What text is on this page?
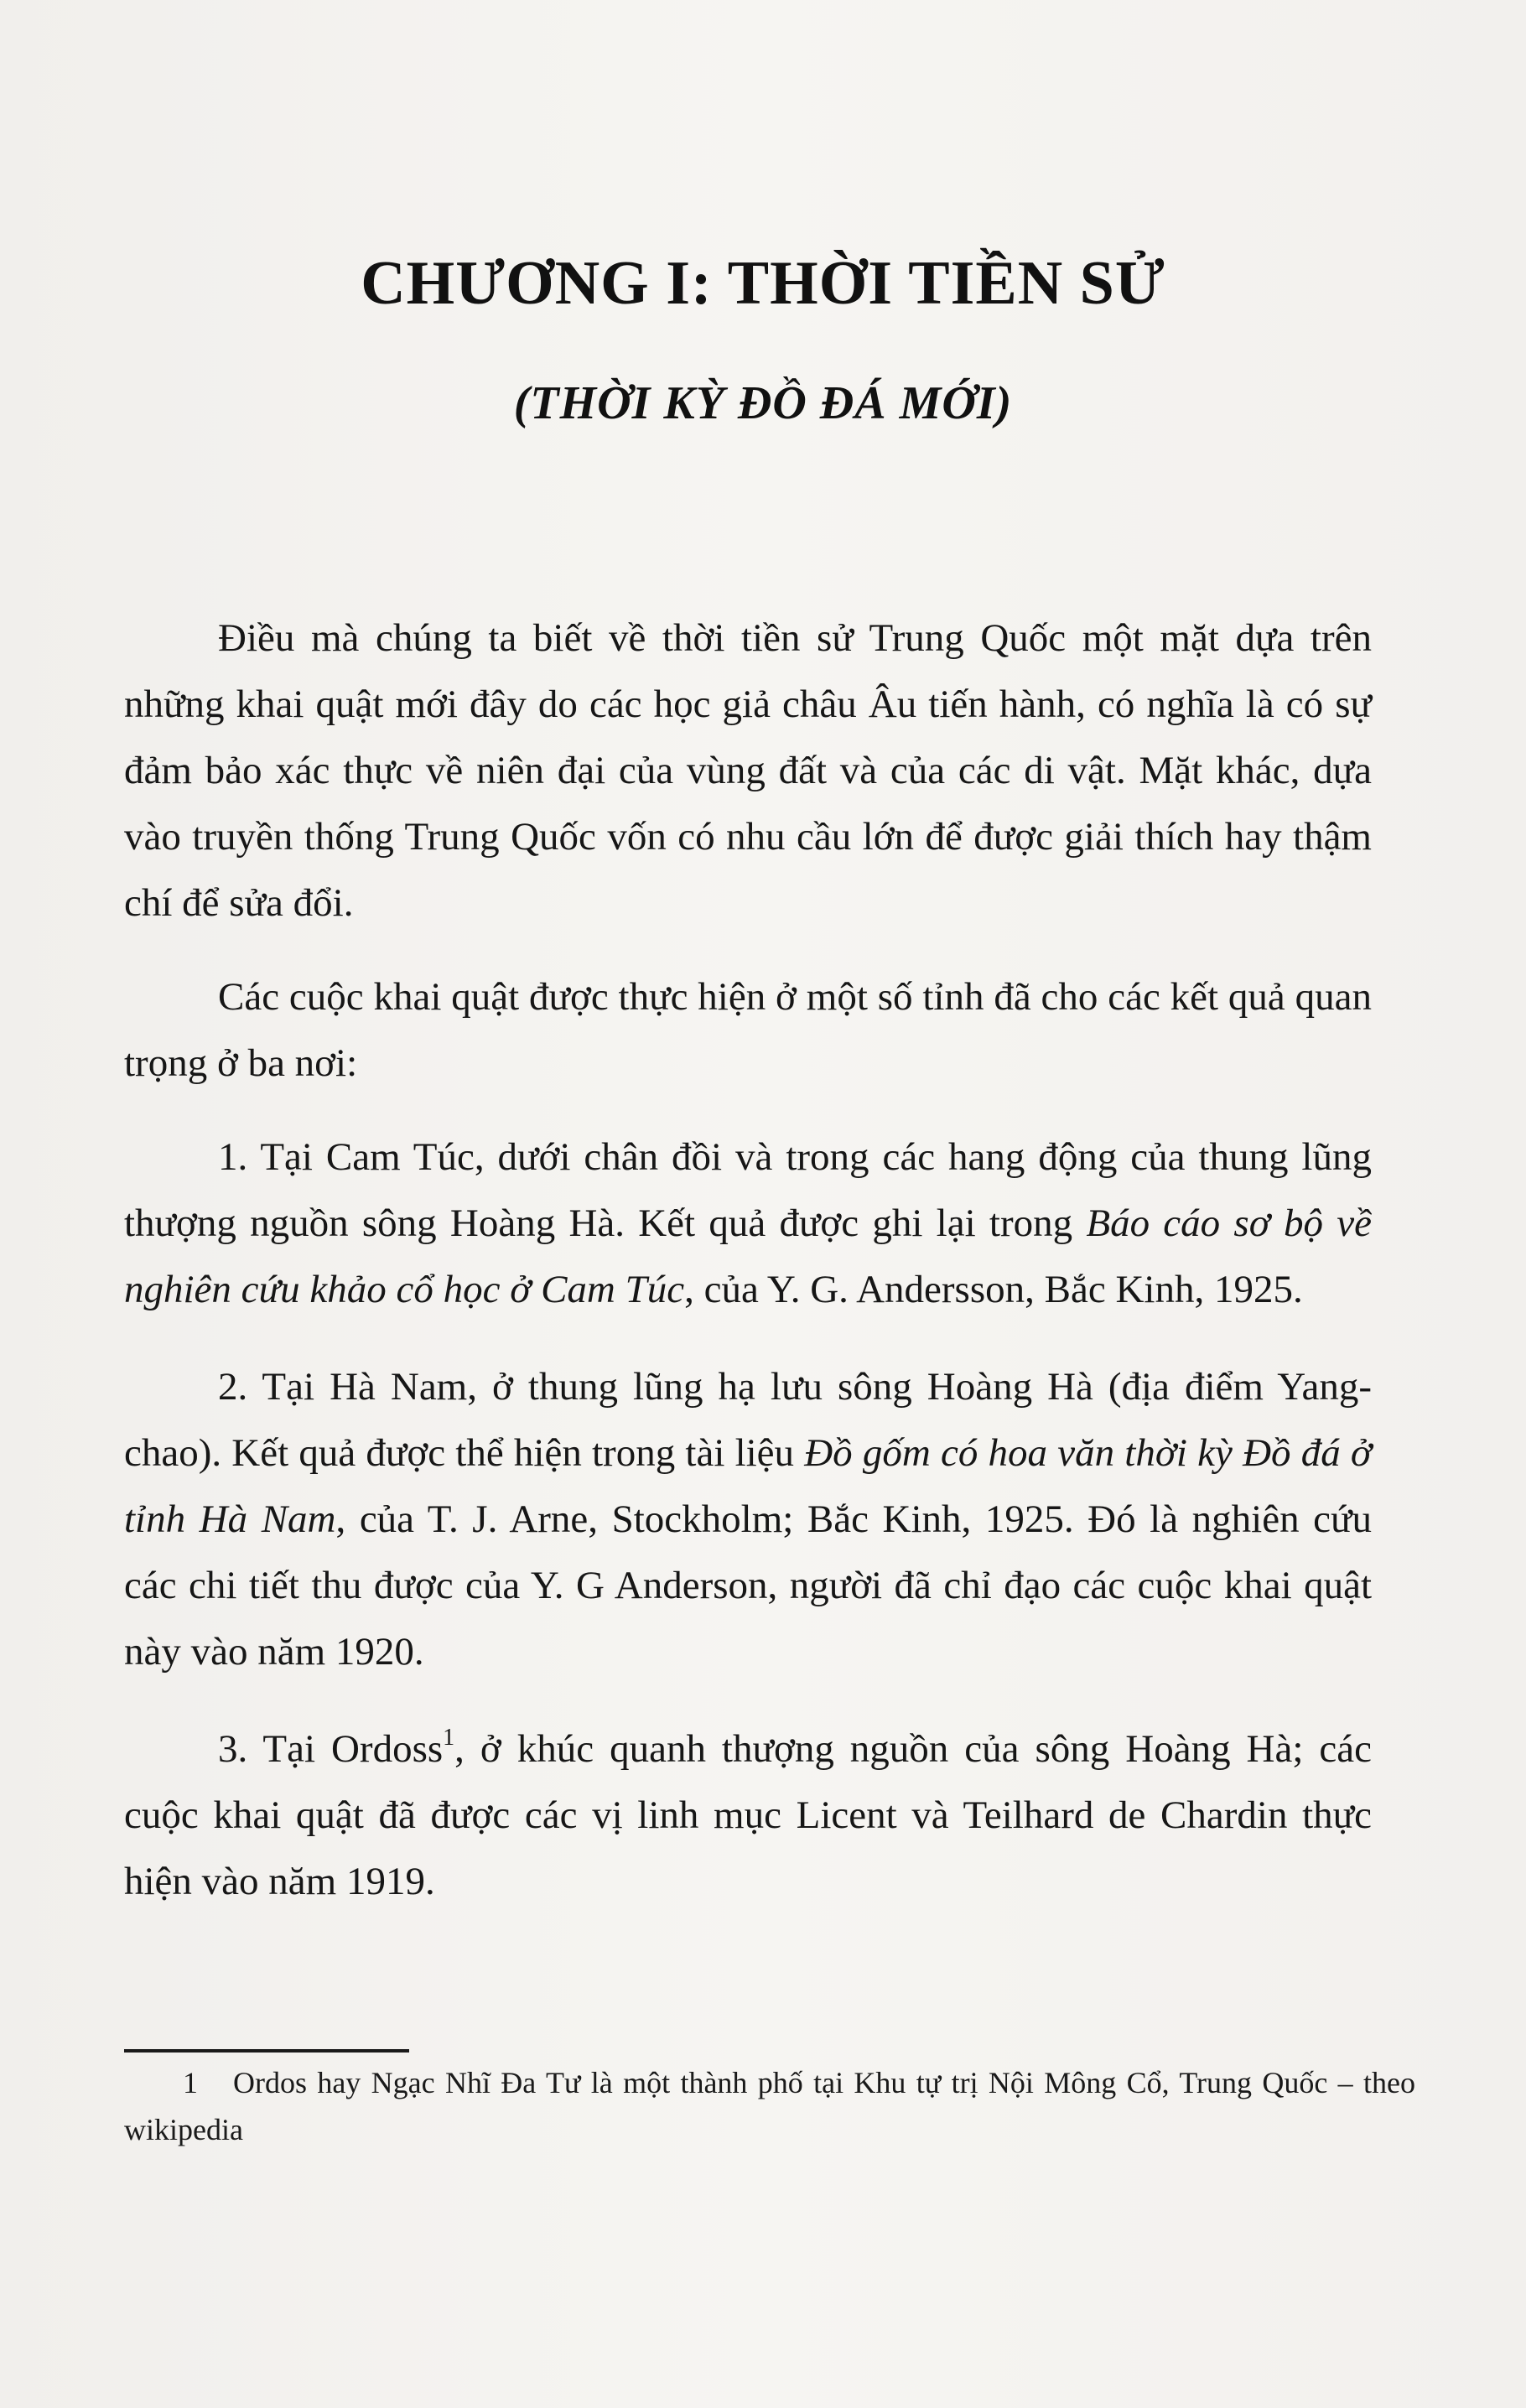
CHƯƠNG I: THỜI TIỀN SỬ
(THỜI KỲ ĐỒ ĐÁ MỚI)

Điều mà chúng ta biết về thời tiền sử Trung Quốc một mặt dựa trên những khai quật mới đây do các học giả châu Âu tiến hành, có nghĩa là có sự đảm bảo xác thực về niên đại của vùng đất và của các di vật. Mặt khác, dựa vào truyền thống Trung Quốc vốn có nhu cầu lớn để được giải thích hay thậm chí để sửa đổi.

Các cuộc khai quật được thực hiện ở một số tỉnh đã cho các kết quả quan trọng ở ba nơi:

1. Tại Cam Túc, dưới chân đồi và trong các hang động của thung lũng thượng nguồn sông Hoàng Hà. Kết quả được ghi lại trong Báo cáo sơ bộ về nghiên cứu khảo cổ học ở Cam Túc, của Y. G. Andersson, Bắc Kinh, 1925.

2. Tại Hà Nam, ở thung lũng hạ lưu sông Hoàng Hà (địa điểm Yang-chao). Kết quả được thể hiện trong tài liệu Đồ gốm có hoa văn thời kỳ Đồ đá ở tỉnh Hà Nam, của T. J. Arne, Stockholm; Bắc Kinh, 1925. Đó là nghiên cứu các chi tiết thu được của Y. G Anderson, người đã chỉ đạo các cuộc khai quật này vào năm 1920.

3. Tại Ordoss$^1$, ở khúc quanh thượng nguồn của sông Hoàng Hà; các cuộc khai quật đã được các vị linh mục Licent và Teilhard de Chardin thực hiện vào năm 1919.

1 Ordos hay Ngạc Nhĩ Đa Tư là một thành phố tại Khu tự trị Nội Mông Cổ, Trung Quốc – theo wikipedia
